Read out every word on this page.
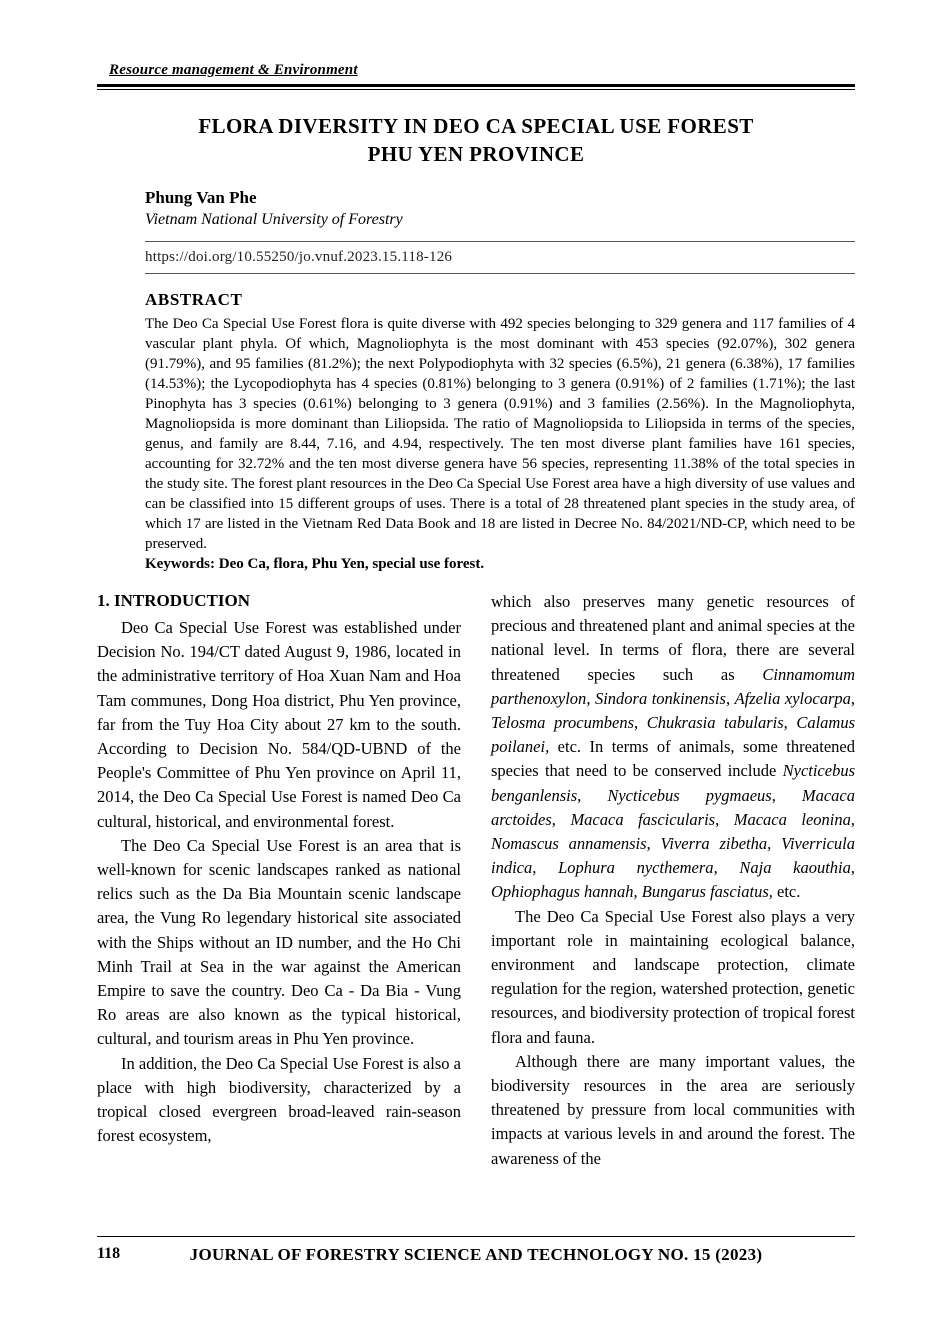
Resource management & Environment
FLORA DIVERSITY IN DEO CA SPECIAL USE FOREST
PHU YEN PROVINCE
Phung Van Phe
Vietnam National University of Forestry
https://doi.org/10.55250/jo.vnuf.2023.15.118-126
ABSTRACT

The Deo Ca Special Use Forest flora is quite diverse with 492 species belonging to 329 genera and 117 families of 4 vascular plant phyla. Of which, Magnoliophyta is the most dominant with 453 species (92.07%), 302 genera (91.79%), and 95 families (81.2%); the next Polypodiophyta with 32 species (6.5%), 21 genera (6.38%), 17 families (14.53%); the Lycopodiophyta has 4 species (0.81%) belonging to 3 genera (0.91%) of 2 families (1.71%); the last Pinophyta has 3 species (0.61%) belonging to 3 genera (0.91%) and 3 families (2.56%). In the Magnoliophyta, Magnoliopsida is more dominant than Liliopsida. The ratio of Magnoliopsida to Liliopsida in terms of the species, genus, and family are 8.44, 7.16, and 4.94, respectively. The ten most diverse plant families have 161 species, accounting for 32.72% and the ten most diverse genera have 56 species, representing 11.38% of the total species in the study site. The forest plant resources in the Deo Ca Special Use Forest area have a high diversity of use values and can be classified into 15 different groups of uses. There is a total of 28 threatened plant species in the study area, of which 17 are listed in the Vietnam Red Data Book and 18 are listed in Decree No. 84/2021/ND-CP, which need to be preserved.

Keywords: Deo Ca, flora, Phu Yen, special use forest.

1. INTRODUCTION

Deo Ca Special Use Forest was established under Decision No. 194/CT dated August 9, 1986, located in the administrative territory of Hoa Xuan Nam and Hoa Tam communes, Dong Hoa district, Phu Yen province, far from the Tuy Hoa City about 27 km to the south. According to Decision No. 584/QD-UBND of the People's Committee of Phu Yen province on April 11, 2014, the Deo Ca Special Use Forest is named Deo Ca cultural, historical, and environmental forest.

The Deo Ca Special Use Forest is an area that is well-known for scenic landscapes ranked as national relics such as the Da Bia Mountain scenic landscape area, the Vung Ro legendary historical site associated with the Ships without an ID number, and the Ho Chi Minh Trail at Sea in the war against the American Empire to save the country. Deo Ca - Da Bia - Vung Ro areas are also known as the typical historical, cultural, and tourism areas in Phu Yen province.

In addition, the Deo Ca Special Use Forest is also a place with high biodiversity, characterized by a tropical closed evergreen broad-leaved rain-season forest ecosystem,

which also preserves many genetic resources of precious and threatened plant and animal species at the national level. In terms of flora, there are several threatened species such as Cinnamomum parthenoxylon, Sindora tonkinensis, Afzelia xylocarpa, Telosma procumbens, Chukrasia tabularis, Calamus poilanei, etc. In terms of animals, some threatened species that need to be conserved include Nycticebus benganlensis, Nycticebus pygmaeus, Macaca arctoides, Macaca fascicularis, Macaca leonina, Nomascus annamensis, Viverra zibetha, Viverricula indica, Lophura nycthemera, Naja kaouthia, Ophiophagus hannah, Bungarus fasciatus, etc.

The Deo Ca Special Use Forest also plays a very important role in maintaining ecological balance, environment and landscape protection, climate regulation for the region, watershed protection, genetic resources, and biodiversity protection of tropical forest flora and fauna.

Although there are many important values, the biodiversity resources in the area are seriously threatened by pressure from local communities with impacts at various levels in and around the forest. The awareness of the

118	JOURNAL OF FORESTRY SCIENCE AND TECHNOLOGY NO. 15 (2023)
